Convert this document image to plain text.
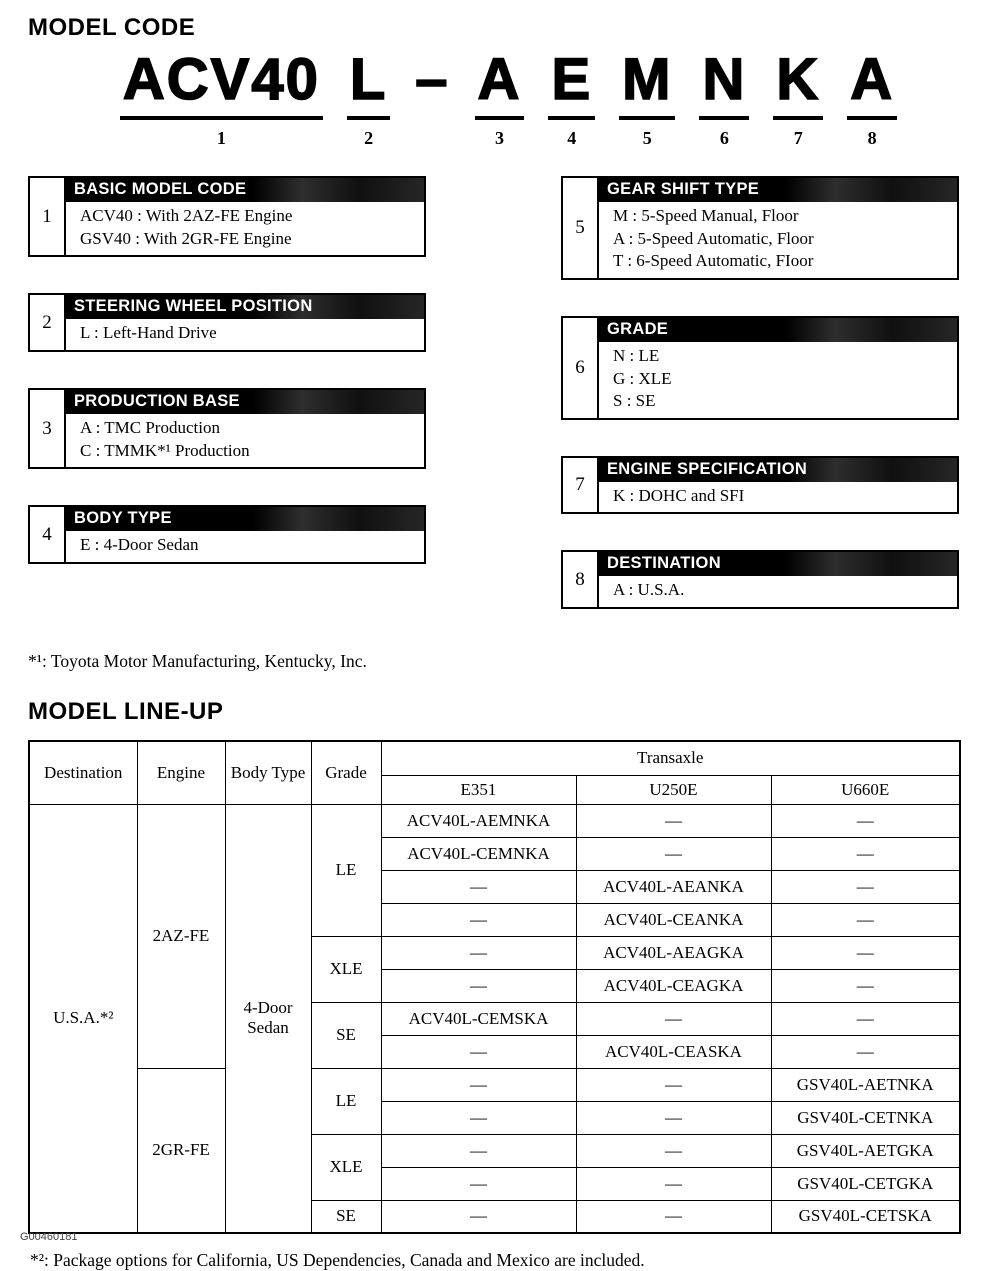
MODEL CODE
ACV40
1
L
2
– A
3
E
4
M
5
N
6
K
7
A
8
1
BASIC MODEL CODE
ACV40 : With 2AZ-FE Engine
GSV40 : With 2GR-FE Engine
2
STEERING WHEEL POSITION
L : Left-Hand Drive
3
PRODUCTION BASE
A : TMC Production
C : TMMK*¹ Production
4
BODY TYPE
E : 4-Door Sedan
5
GEAR SHIFT TYPE
M : 5-Speed Manual, Floor
A : 5-Speed Automatic, Floor
T : 6-Speed Automatic, FIoor
6
GRADE
N : LE
G : XLE
S : SE
7
ENGINE SPECIFICATION
K : DOHC and SFI
8
DESTINATION
A : U.S.A.
*¹: Toyota Motor Manufacturing, Kentucky, Inc.
MODEL LINE-UP
Destination	Engine	Body Type	Grade	Transaxle		
				E351	U250E	U660E
U.S.A.*²	2AZ-FE	4-Door Sedan	LE	ACV40L-AEMNKA	—	—
				ACV40L-CEMNKA	—	—
				—	ACV40L-AEANKA	—
				—	ACV40L-CEANKA	—
			XLE	—	ACV40L-AEAGKA	—
				—	ACV40L-CEAGKA	—
			SE	ACV40L-CEMSKA	—	—
				—	ACV40L-CEASKA	—
	2GR-FE		LE	—	—	GSV40L-AETNKA
				—	—	GSV40L-CETNKA
			XLE	—	—	GSV40L-AETGKA
				—	—	GSV40L-CETGKA
			SE	—	—	GSV40L-CETSKA
*²: Package options for California, US Dependencies, Canada and Mexico are included.
G00460181
